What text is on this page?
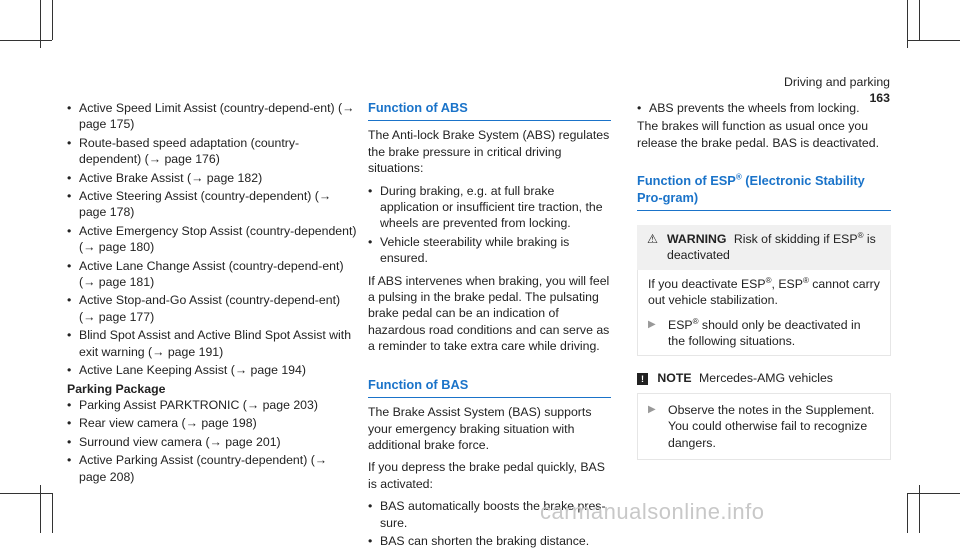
Driving and parking 163
• Active Speed Limit Assist (country-depend-ent) (→ page 175)
• Route-based speed adaptation (country-dependent) (→ page 176)
• Active Brake Assist (→ page 182)
• Active Steering Assist (country-dependent) (→ page 178)
• Active Emergency Stop Assist (country-dependent) (→ page 180)
• Active Lane Change Assist (country-depend-ent) (→ page 181)
• Active Stop-and-Go Assist (country-depend-ent) (→ page 177)
• Blind Spot Assist and Active Blind Spot Assist with exit warning (→ page 191)
• Active Lane Keeping Assist (→ page 194)
Parking Package
• Parking Assist PARKTRONIC (→ page 203)
• Rear view camera (→ page 198)
• Surround view camera (→ page 201)
• Active Parking Assist (country-dependent) (→ page 208)
Function of ABS

The Anti-lock Brake System (ABS) regulates the brake pressure in critical driving situations:

• During braking, e.g. at full brake application or insufficient tire traction, the wheels are prevented from locking.
• Vehicle steerability while braking is ensured.

If ABS intervenes when braking, you will feel a pulsing in the brake pedal. The pulsating brake pedal can be an indication of hazardous road conditions and can serve as a reminder to take extra care while driving.

Function of BAS

The Brake Assist System (BAS) supports your emergency braking situation with additional brake force.

If you depress the brake pedal quickly, BAS is activated:

• BAS automatically boosts the brake pres-sure.
• BAS can shorten the braking distance.
• ABS prevents the wheels from locking.

The brakes will function as usual once you release the brake pedal. BAS is deactivated.

Function of ESP® (Electronic Stability Pro-gram)
⚠ WARNING Risk of skidding if ESP® is deactivated
If you deactivate ESP®, ESP® cannot carry out vehicle stabilization.
▶ ESP® should only be deactivated in the following situations.
! NOTE Mercedes-AMG vehicles
▶ Observe the notes in the Supplement. You could otherwise fail to recognize dangers.
carmanualsonline.info
